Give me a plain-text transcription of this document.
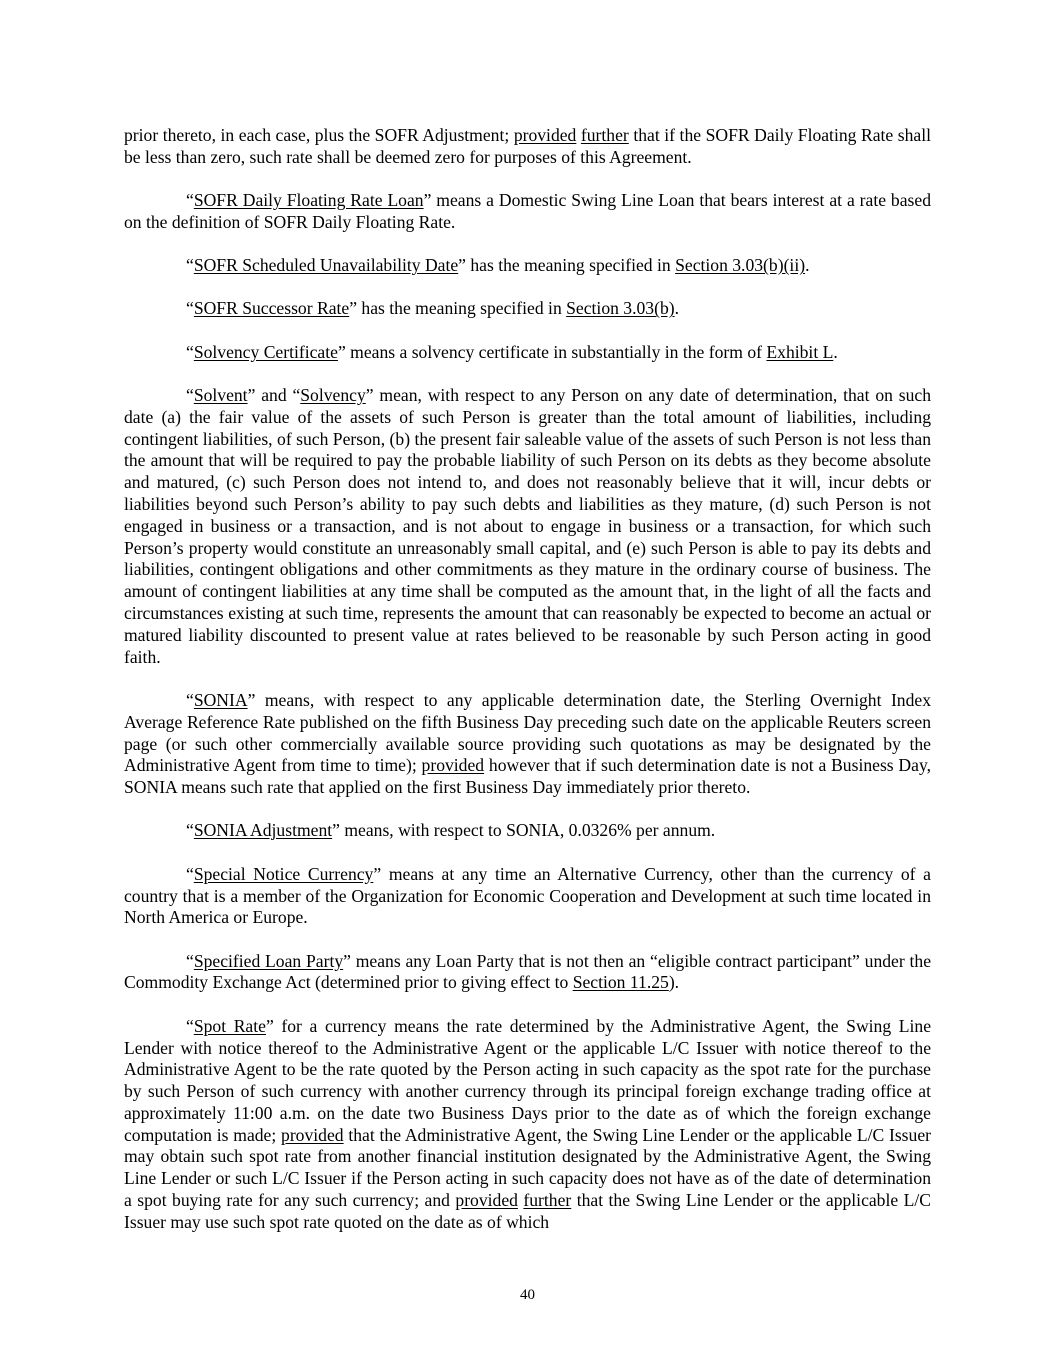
prior thereto, in each case, plus the SOFR Adjustment; provided further that if the SOFR Daily Floating Rate shall be less than zero, such rate shall be deemed zero for purposes of this Agreement.

“SOFR Daily Floating Rate Loan” means a Domestic Swing Line Loan that bears interest at a rate based on the definition of SOFR Daily Floating Rate.

“SOFR Scheduled Unavailability Date” has the meaning specified in Section 3.03(b)(ii).

“SOFR Successor Rate” has the meaning specified in Section 3.03(b).

“Solvency Certificate” means a solvency certificate in substantially in the form of Exhibit L.

“Solvent” and “Solvency” mean, with respect to any Person on any date of determination, that on such date (a) the fair value of the assets of such Person is greater than the total amount of liabilities, including contingent liabilities, of such Person, (b) the present fair saleable value of the assets of such Person is not less than the amount that will be required to pay the probable liability of such Person on its debts as they become absolute and matured, (c) such Person does not intend to, and does not reasonably believe that it will, incur debts or liabilities beyond such Person’s ability to pay such debts and liabilities as they mature, (d) such Person is not engaged in business or a transaction, and is not about to engage in business or a transaction, for which such Person’s property would constitute an unreasonably small capital, and (e) such Person is able to pay its debts and liabilities, contingent obligations and other commitments as they mature in the ordinary course of business. The amount of contingent liabilities at any time shall be computed as the amount that, in the light of all the facts and circumstances existing at such time, represents the amount that can reasonably be expected to become an actual or matured liability discounted to present value at rates believed to be reasonable by such Person acting in good faith.

“SONIA” means, with respect to any applicable determination date, the Sterling Overnight Index Average Reference Rate published on the fifth Business Day preceding such date on the applicable Reuters screen page (or such other commercially available source providing such quotations as may be designated by the Administrative Agent from time to time); provided however that if such determination date is not a Business Day, SONIA means such rate that applied on the first Business Day immediately prior thereto.

“SONIA Adjustment” means, with respect to SONIA, 0.0326% per annum.

“Special Notice Currency” means at any time an Alternative Currency, other than the currency of a country that is a member of the Organization for Economic Cooperation and Development at such time located in North America or Europe.

“Specified Loan Party” means any Loan Party that is not then an “eligible contract participant” under the Commodity Exchange Act (determined prior to giving effect to Section 11.25).

“Spot Rate” for a currency means the rate determined by the Administrative Agent, the Swing Line Lender with notice thereof to the Administrative Agent or the applicable L/C Issuer with notice thereof to the Administrative Agent to be the rate quoted by the Person acting in such capacity as the spot rate for the purchase by such Person of such currency with another currency through its principal foreign exchange trading office at approximately 11:00 a.m. on the date two Business Days prior to the date as of which the foreign exchange computation is made; provided that the Administrative Agent, the Swing Line Lender or the applicable L/C Issuer may obtain such spot rate from another financial institution designated by the Administrative Agent, the Swing Line Lender or such L/C Issuer if the Person acting in such capacity does not have as of the date of determination a spot buying rate for any such currency; and provided further that the Swing Line Lender or the applicable L/C Issuer may use such spot rate quoted on the date as of which

40
